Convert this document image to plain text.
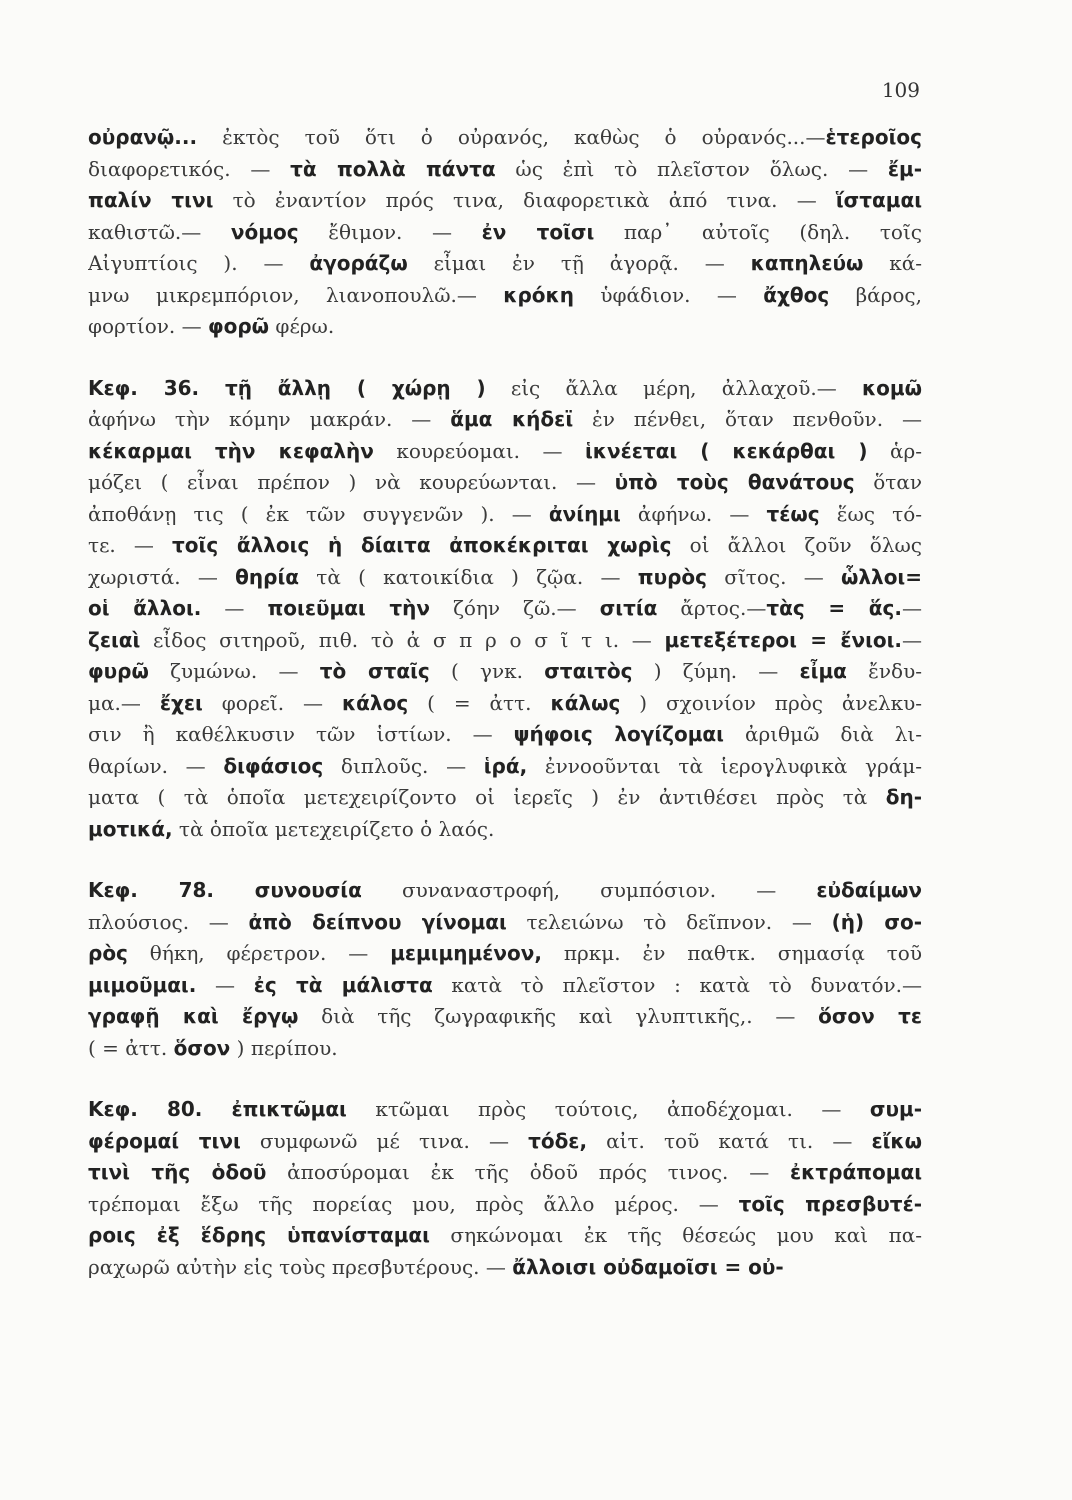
109
οὐρανῷ... ἐκτὸς τοῦ ὅτι ὁ οὐρανός, καθὼς ὁ οὐρανός...—ἑτεροῖος
διαφορετικός. — τὰ πολλὰ πάντα ὡς ἐπὶ τὸ πλεῖστον ὅλως. — ἔμ-
παλίν τινι τὸ ἐναντίον πρός τινα, διαφορετικὰ ἀπό τινα. — ἵσταμαι
καθιστῶ.— νόμος ἔθιμον. — ἐν τοῖσι παρ᾽ αὐτοῖς (δηλ. τοῖς
Αἰγυπτίοις ). — ἀγοράζω εἶμαι ἐν τῇ ἀγορᾷ. — καπηλεύω κά-
μνω μικρεμπόριον, λιανοπουλῶ.— κρόκη ὑφάδιον. — ἄχθος βάρος,
φορτίον. — φορῶ φέρω.
Κεφ. 36. τῇ ἄλλῃ ( χώρῃ ) εἰς ἄλλα μέρη, ἀλλαχοῦ.— κομῶ
ἀφήνω τὴν κόμην μακράν. — ἅμα κήδεϊ ἐν πένθει, ὅταν πενθοῦν. —
κέκαρμαι τὴν κεφαλὴν κουρεύομαι. — ἱκνέεται ( κεκάρθαι ) ἁρ-
μόζει ( εἶναι πρέπον ) νὰ κουρεύωνται. — ὑπὸ τοὺς θανάτους ὅταν
ἀποθάνῃ τις ( ἐκ τῶν συγγενῶν ). — ἀνίημι ἀφήνω. — τέως ἕως τό-
τε. — τοῖς ἄλλοις ἡ δίαιτα ἀποκέκριται χωρὶς οἱ ἄλλοι ζοῦν ὅλως
χωριστά. — θηρία τὰ ( κατοικίδια ) ζῷα. — πυρὸς σῖτος. — ὧλλοι=
οἱ ἄλλοι. — ποιεῦμαι τὴν ζόην ζῶ.— σιτία ἄρτος.—τὰς = ἅς.—
ζειαὶ εἶδος σιτηροῦ, πιθ. τὸ ἀ σ π ρ ο σ ῖ τ ι. — μετεξέτεροι = ἔνιοι.—
φυρῶ ζυμώνω. — τὸ σταῖς ( γνκ. σταιτὸς ) ζύμη. — εἶμα ἔνδυ-
μα.— ἔχει φορεῖ. — κάλος ( = ἀττ. κάλως ) σχοινίον πρὸς ἀνελκυ-
σιν ἢ καθέλκυσιν τῶν ἱστίων. — ψήφοις λογίζομαι ἀριθμῶ διὰ λι-
θαρίων. — διφάσιος διπλοῦς. — ἱρά, ἐννοοῦνται τὰ ἱερογλυφικὰ γράμ-
ματα ( τὰ ὁποῖα μετεχειρίζοντο οἱ ἱερεῖς ) ἐν ἀντιθέσει πρὸς τὰ δη-
μοτικά, τὰ ὁποῖα μετεχειρίζετο ὁ λαός.
Κεφ. 78. συνουσία συναναστροφή, συμπόσιον. — εὐδαίμων
πλούσιος. — ἀπὸ δείπνου γίνομαι τελειώνω τὸ δεῖπνον. — (ἡ) σο-
ρὸς θήκη, φέρετρον. — μεμιμημένον, πρκμ. ἐν παθτκ. σημασίᾳ τοῦ
μιμοῦμαι. — ἐς τὰ μάλιστα κατὰ τὸ πλεῖστον : κατὰ τὸ δυνατόν.—
γραφῇ καὶ ἔργῳ διὰ τῆς ζωγραφικῆς καὶ γλυπτικῆς,. — ὅσον τε
( = ἀττ. ὅσον ) περίπου.
Κεφ. 80. ἐπικτῶμαι κτῶμαι πρὸς τούτοις, ἀποδέχομαι. — συμ-
φέρομαί τινι συμφωνῶ μέ τινα. — τόδε, αἰτ. τοῦ κατά τι. — εἴκω
τινὶ τῆς ὁδοῦ ἀποσύρομαι ἐκ τῆς ὁδοῦ πρός τινος. — ἐκτράπομαι
τρέπομαι ἔξω τῆς πορείας μου, πρὸς ἄλλο μέρος. — τοῖς πρεσβυτέ-
ροις ἐξ ἕδρης ὑπανίσταμαι σηκώνομαι ἐκ τῆς θέσεώς μου καὶ πα-
ραχωρῶ αὐτὴν εἰς τοὺς πρεσβυτέρους. — ἄλλοισι οὐδαμοῖσι = οὐ-
